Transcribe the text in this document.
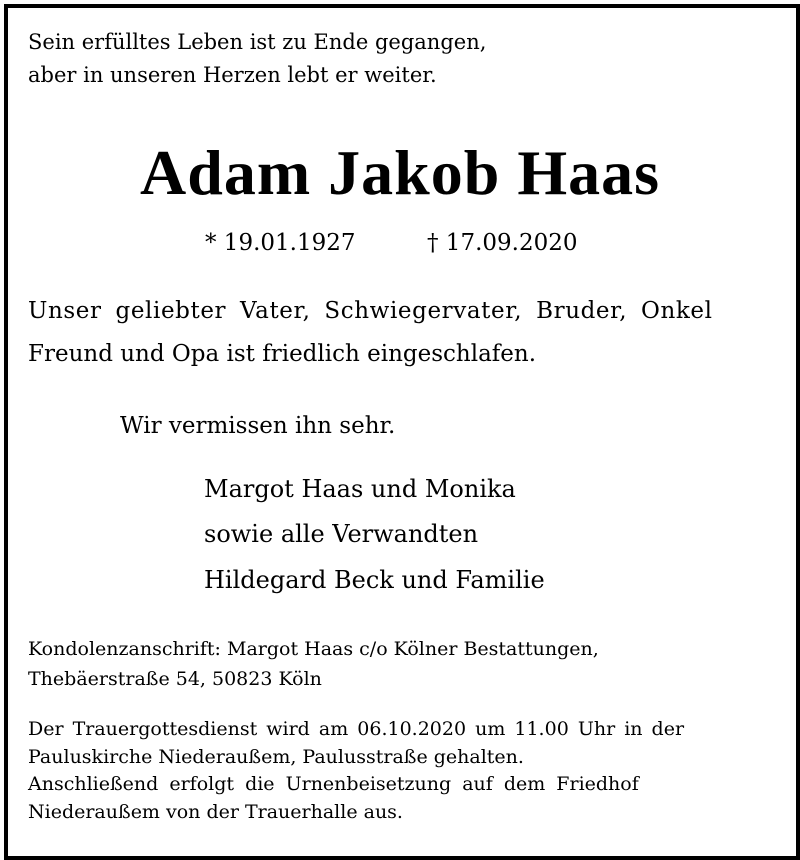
Sein erfülltes Leben ist zu Ende gegangen,

aber in unseren Herzen lebt er weiter.

Adam Jakob Haas

* 19.01.1927	† 17.09.2020

Unser geliebter Vater, Schwiegervater, Bruder, Onkel

Freund und Opa ist friedlich eingeschlafen.

Wir vermissen ihn sehr.

Margot Haas und Monika

sowie alle Verwandten

Hildegard Beck und Familie

Kondolenzanschrift: Margot Haas c/o Kölner Bestattungen,

Thebäerstraße 54, 50823 Köln

Der Trauergottesdienst wird am 06.10.2020 um 11.00 Uhr in der

Pauluskirche Niederaußem, Paulusstraße gehalten.

Anschließend erfolgt die Urnenbeisetzung auf dem Friedhof

Niederaußem von der Trauerhalle aus.
